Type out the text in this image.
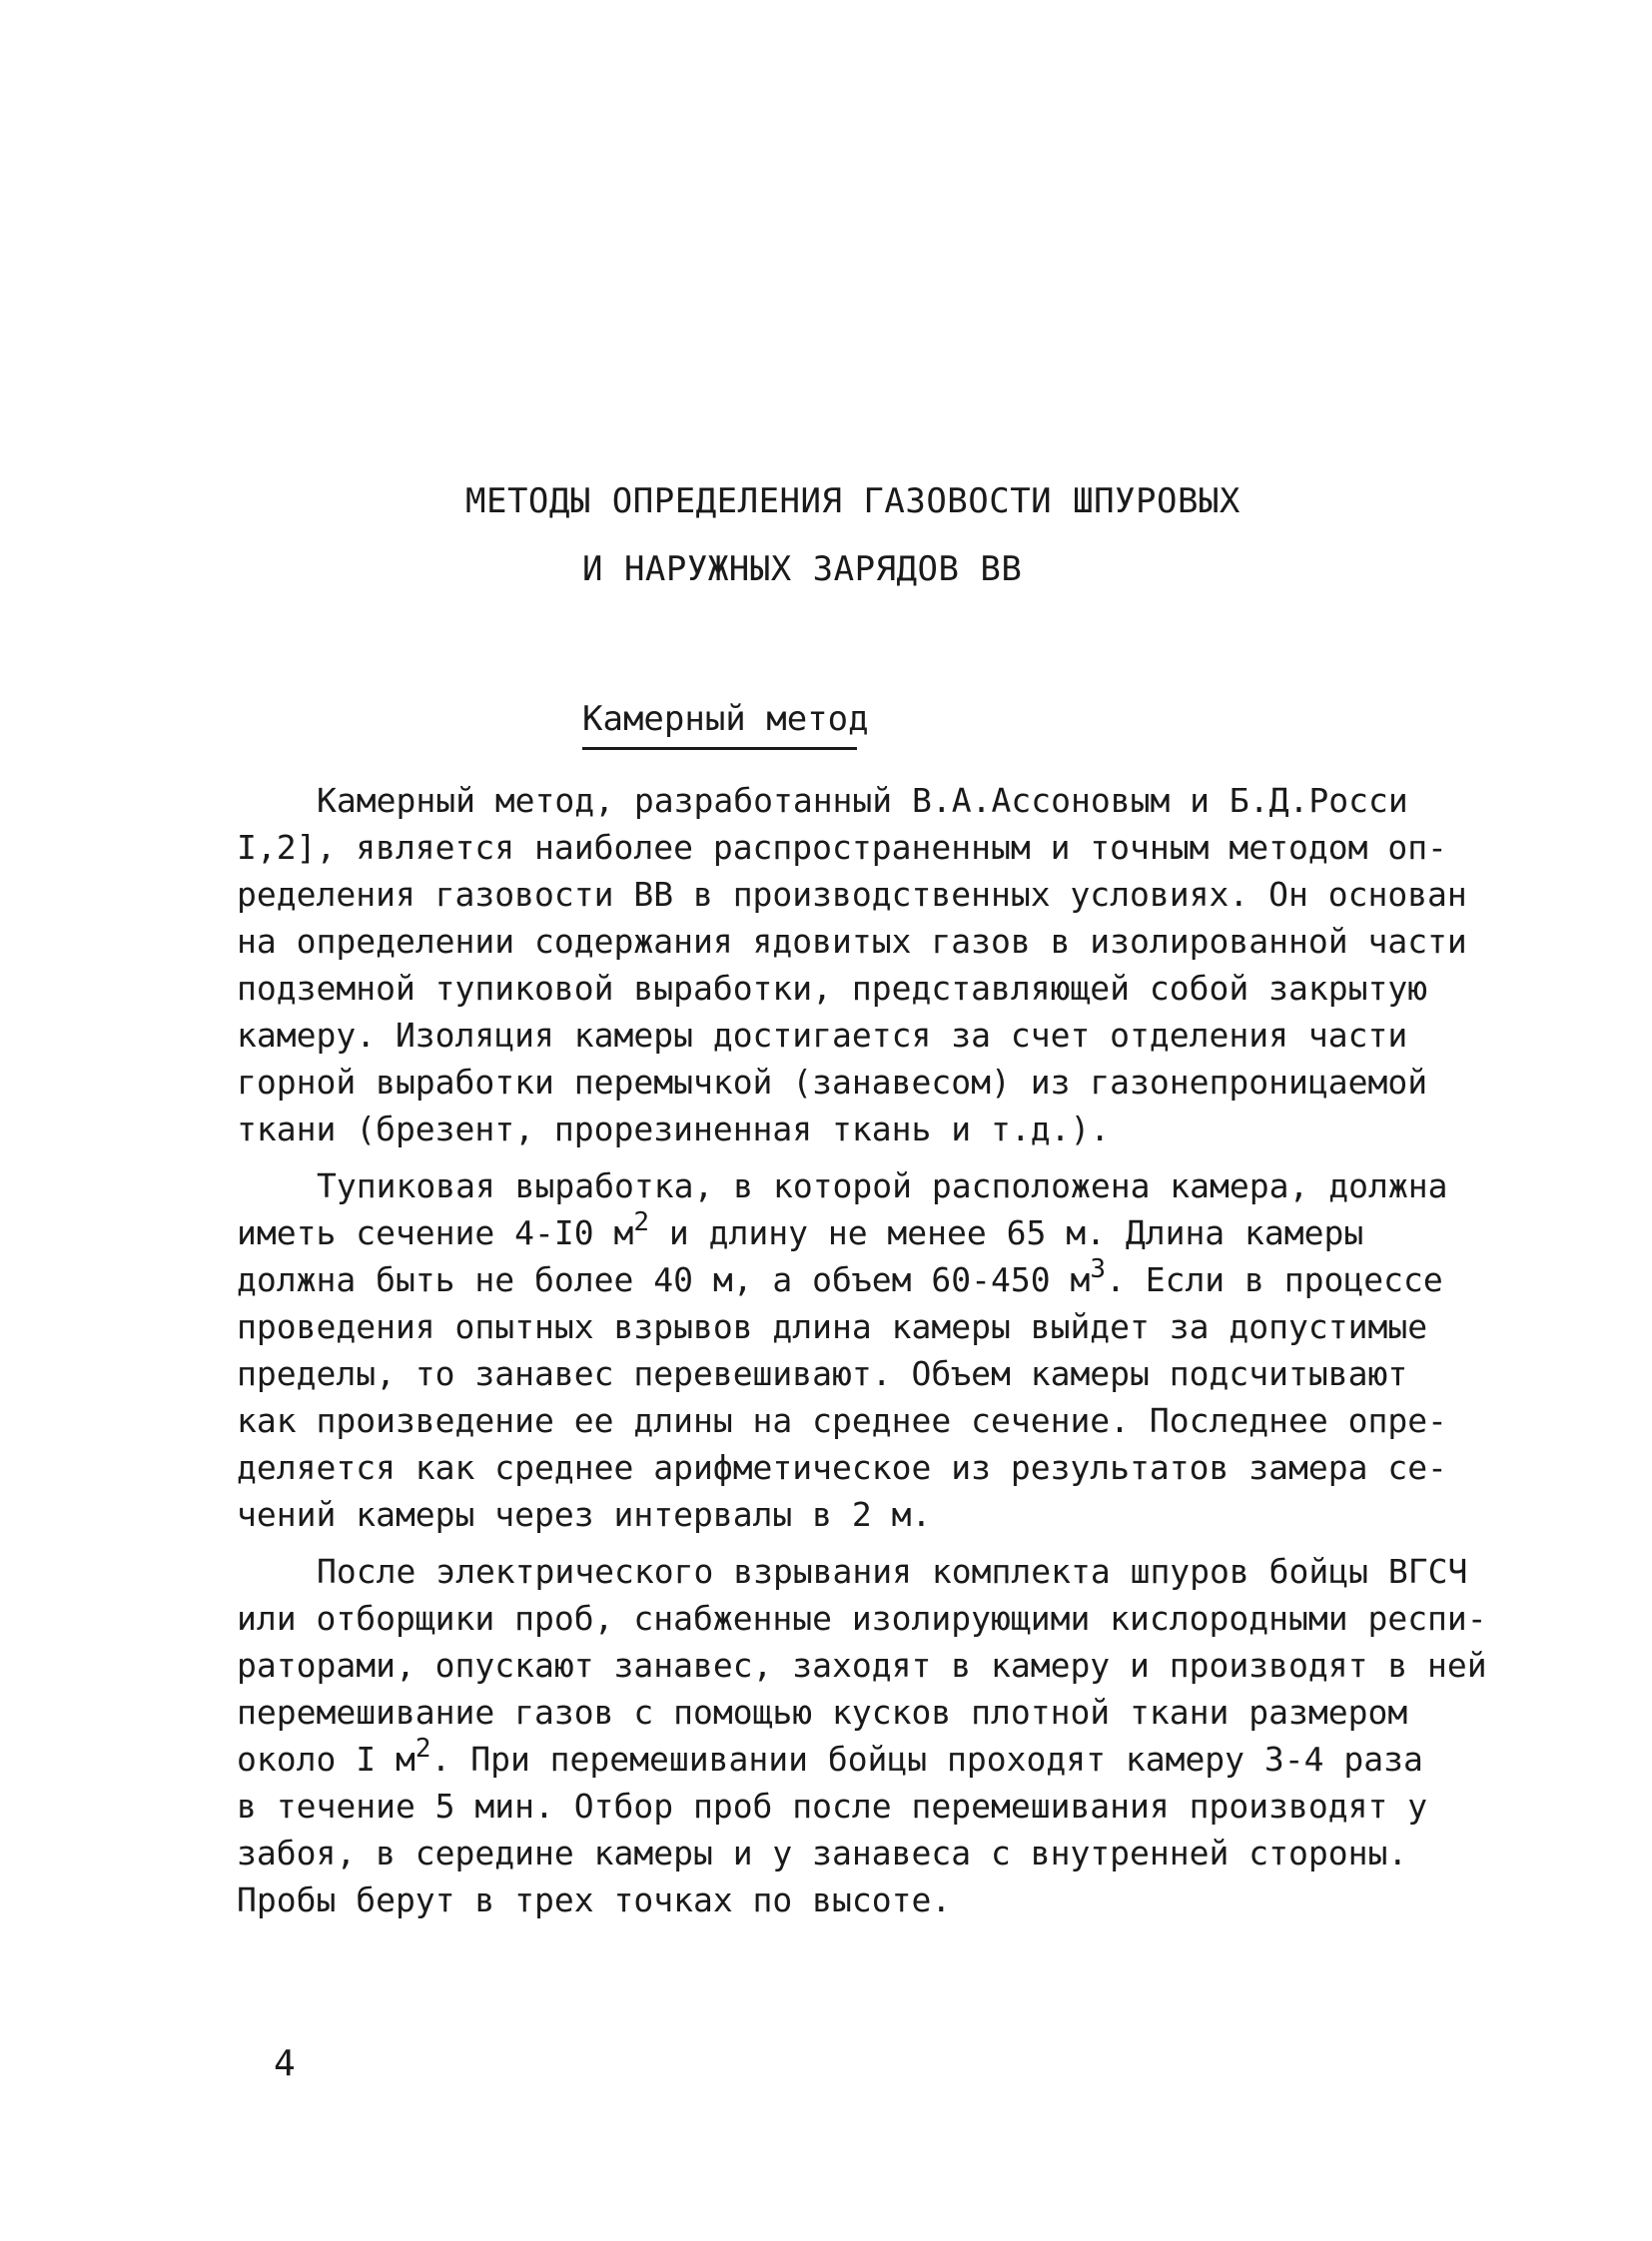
МЕТОДЫ ОПРЕДЕЛЕНИЯ ГАЗОВОСТИ ШПУРОВЫХ
И НАРУЖНЫХ ЗАРЯДОВ ВВ
Камерный метод
Камерный метод, разработанный В.А.Ассоновым и Б.Д.Росси
І,2], является наиболее распространенным и точным методом оп-
ределения газовости ВВ в производственных условиях. Он основан
на определении содержания ядовитых газов в изолированной части
подземной тупиковой выработки, представляющей собой закрытую
камеру. Изоляция камеры достигается за счет отделения части
горной выработки перемычкой (занавесом) из газонепроницаемой
ткани (брезент, прорезиненная ткань и т.д.).
Тупиковая выработка, в которой расположена камера, должна
иметь сечение 4-І0 $м^2$ и длину не менее 65 м. Длина камеры
должна быть не более 40 м, а объем 60-450 $м^3$. Если в процессе
проведения опытных взрывов длина камеры выйдет за допустимые
пределы, то занавес перевешивают. Объем камеры подсчитывают
как произведение ее длины на среднее сечение. Последнее опре-
деляется как среднее арифметическое из результатов замера се-
чений камеры через интервалы в 2 м.
После электрического взрывания комплекта шпуров бойцы ВГСЧ
или отборщики проб, снабженные изолирующими кислородными респи-
раторами, опускают занавес, заходят в камеру и производят в ней
перемешивание газов с помощью кусков плотной ткани размером
около І $м^2$. При перемешивании бойцы проходят камеру 3-4 раза
в течение 5 мин. Отбор проб после перемешивания производят у
забоя, в середине камеры и у занавеса с внутренней стороны.
Пробы берут в трех точках по высоте.
4
